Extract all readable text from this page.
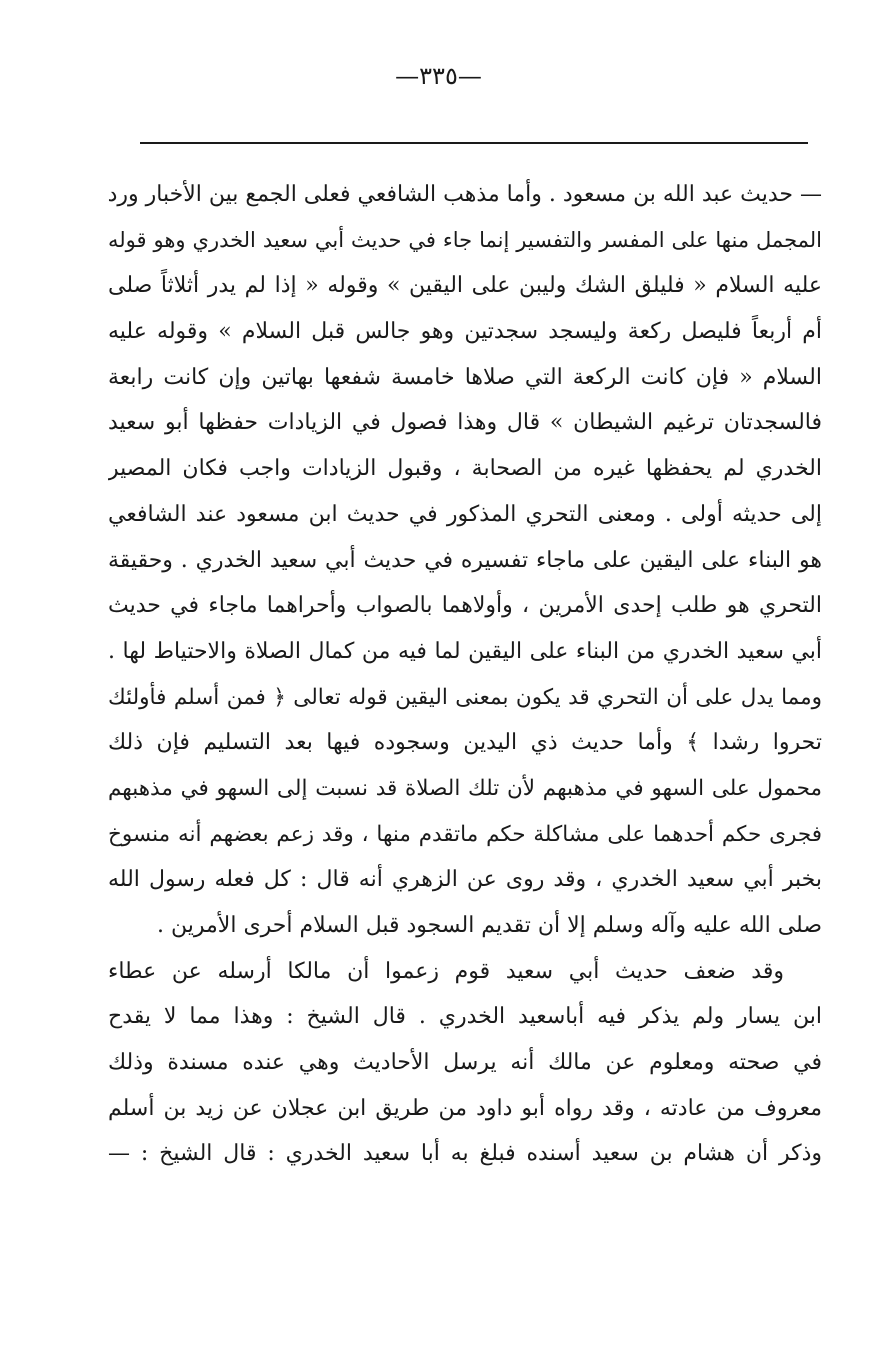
—٣٣٥—
— حديث عبد الله بن مسعود . وأما مذهب الشافعي فعلى الجمع بين الأخبار ورد
المجمل منها على المفسر والتفسير إنما جاء في حديث أبي سعيد الخدري وهو قوله
عليه السلام « فليلق الشك وليبن على اليقين » وقوله « إذا لم يدر أثلاثاً صلى
أم أربعاً فليصل ركعة وليسجد سجدتين وهو جالس قبل السلام » وقوله عليه
السلام « فإن كانت الركعة التي صلاها خامسة شفعها بهاتين وإن كانت رابعة
فالسجدتان ترغيم الشيطان » قال وهذا فصول في الزيادات حفظها أبو سعيد
الخدري لم يحفظها غيره من الصحابة ، وقبول الزيادات واجب فكان المصير
إلى حديثه أولى . ومعنى التحري المذكور في حديث ابن مسعود عند الشافعي
هو البناء على اليقين على ماجاء تفسيره في حديث أبي سعيد الخدري . وحقيقة
التحري هو طلب إحدى الأمرين ، وأولاهما بالصواب وأحراهما ماجاء في حديث
أبي سعيد الخدري من البناء على اليقين لما فيه من كمال الصلاة والاحتياط لها .
ومما يدل على أن التحري قد يكون بمعنى اليقين قوله تعالى ﴿ فمن أسلم فأولئك
تحروا رشدا ﴾ وأما حديث ذي اليدين وسجوده فيها بعد التسليم فإن ذلك
محمول على السهو في مذهبهم لأن تلك الصلاة قد نسبت إلى السهو في مذهبهم
فجرى حكم أحدهما على مشاكلة حكم ماتقدم منها ، وقد زعم بعضهم أنه منسوخ
بخبر أبي سعيد الخدري ، وقد روى عن الزهري أنه قال : كل فعله رسول الله
صلى الله عليه وآله وسلم إلا أن تقديم السجود قبل السلام أحرى الأمرين .
وقد ضعف حديث أبي سعيد قوم زعموا أن مالكا أرسله عن عطاء
ابن يسار ولم يذكر فيه أباسعيد الخدري . قال الشيخ : وهذا مما لا يقدح
في صحته ومعلوم عن مالك أنه يرسل الأحاديث وهي عنده مسندة وذلك
معروف من عادته ، وقد رواه أبو داود من طريق ابن عجلان عن زيد بن أسلم
وذكر أن هشام بن سعيد أسنده فبلغ به أبا سعيد الخدري : قال الشيخ : —
